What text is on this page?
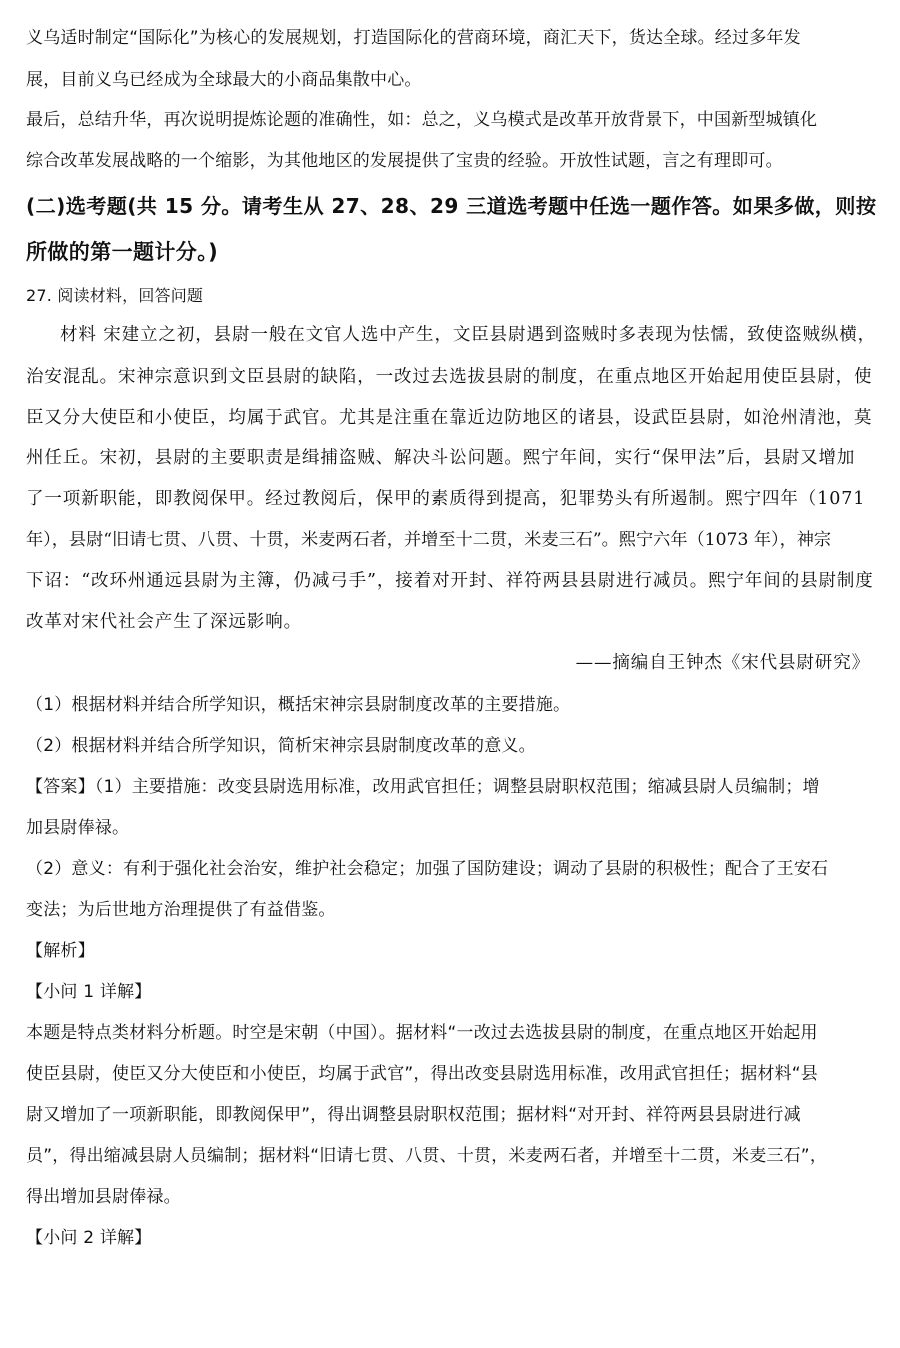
义乌适时制定“国际化”为核心的发展规划，打造国际化的营商环境，商汇天下，货达全球。经过多年发
展，目前义乌已经成为全球最大的小商品集散中心。
最后，总结升华，再次说明提炼论题的准确性，如：总之，义乌模式是改革开放背景下，中国新型城镇化
综合改革发展战略的一个缩影，为其他地区的发展提供了宝贵的经验。开放性试题，言之有理即可。
(二)选考题(共 15 分。请考生从 27、28、29 三道选考题中任选一题作答。如果多做，则按
所做的第一题计分。)
27. 阅读材料，回答问题
材料 宋建立之初，县尉一般在文官人选中产生，文臣县尉遇到盗贼时多表现为怯懦，致使盗贼纵横，
治安混乱。宋神宗意识到文臣县尉的缺陷，一改过去选拔县尉的制度，在重点地区开始起用使臣县尉，使
臣又分大使臣和小使臣，均属于武官。尤其是注重在靠近边防地区的诸县，设武臣县尉，如沧州清池，莫
州任丘。宋初，县尉的主要职责是缉捕盗贼、解决斗讼问题。熙宁年间，实行“保甲法”后，县尉又增加
了一项新职能，即教阅保甲。经过教阅后，保甲的素质得到提高，犯罪势头有所遏制。熙宁四年（1071
年），县尉“旧请七贯、八贯、十贯，米麦两石者，并增至十二贯，米麦三石”。熙宁六年（1073 年），神宗
下诏：“改环州通远县尉为主簿，仍减弓手”，接着对开封、祥符两县县尉进行减员。熙宁年间的县尉制度
改革对宋代社会产生了深远影响。
——摘编自王钟杰《宋代县尉研究》
（1）根据材料并结合所学知识，概括宋神宗县尉制度改革的主要措施。
（2）根据材料并结合所学知识，简析宋神宗县尉制度改革的意义。
【答案】（1）主要措施：改变县尉选用标准，改用武官担任；调整县尉职权范围；缩减县尉人员编制；增
加县尉俸禄。
（2）意义：有利于强化社会治安，维护社会稳定；加强了国防建设；调动了县尉的积极性；配合了王安石
变法；为后世地方治理提供了有益借鉴。
【解析】
【小问 1 详解】
本题是特点类材料分析题。时空是宋朝（中国）。据材料“一改过去选拔县尉的制度，在重点地区开始起用
使臣县尉，使臣又分大使臣和小使臣，均属于武官”，得出改变县尉选用标准，改用武官担任；据材料“县
尉又增加了一项新职能，即教阅保甲”，得出调整县尉职权范围；据材料“对开封、祥符两县县尉进行减
员”，得出缩减县尉人员编制；据材料“旧请七贯、八贯、十贯，米麦两石者，并增至十二贯，米麦三石”，
得出增加县尉俸禄。
【小问 2 详解】
